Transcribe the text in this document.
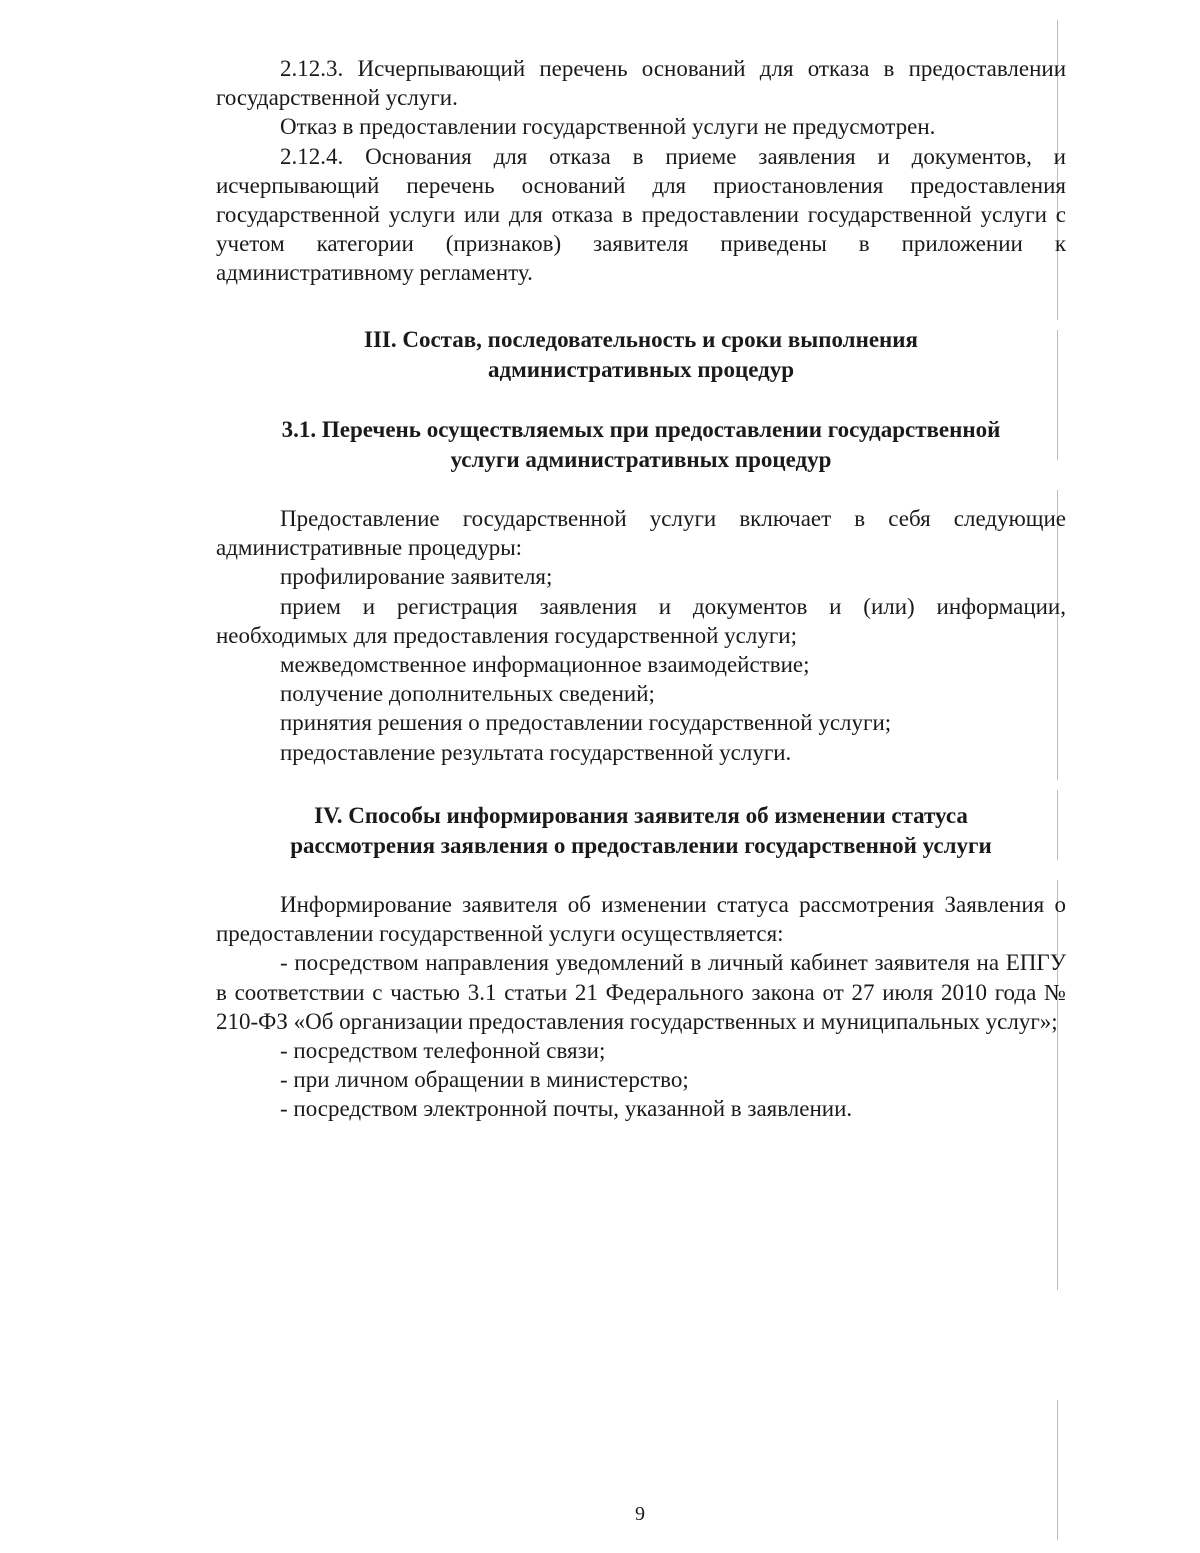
2.12.3. Исчерпывающий перечень оснований для отказа в предоставлении государственной услуги.

Отказ в предоставлении государственной услуги не предусмотрен.

2.12.4. Основания для отказа в приеме заявления и документов, и исчерпывающий перечень оснований для приостановления предоставления государственной услуги или для отказа в предоставлении государственной услуги с учетом категории (признаков) заявителя приведены в приложении к административному регламенту.

III. Состав, последовательность и сроки выполнения
административных процедур
3.1. Перечень осуществляемых при предоставлении государственной
услуги административных процедур

Предоставление государственной услуги включает в себя следующие административные процедуры:

профилирование заявителя;

прием и регистрация заявления и документов и (или) информации, необходимых для предоставления государственной услуги;

межведомственное информационное взаимодействие;

получение дополнительных сведений;

принятия решения о предоставлении государственной услуги;

предоставление результата государственной услуги.

IV. Способы информирования заявителя об изменении статуса
рассмотрения заявления о предоставлении государственной услуги

Информирование заявителя об изменении статуса рассмотрения Заявления о предоставлении государственной услуги осуществляется:

- посредством направления уведомлений в личный кабинет заявителя на ЕПГУ в соответствии с частью 3.1 статьи 21 Федерального закона от 27 июля 2010 года № 210-ФЗ «Об организации предоставления государственных и муниципальных услуг»;

- посредством телефонной связи;

- при личном обращении в министерство;

- посредством электронной почты, указанной в заявлении.

9
